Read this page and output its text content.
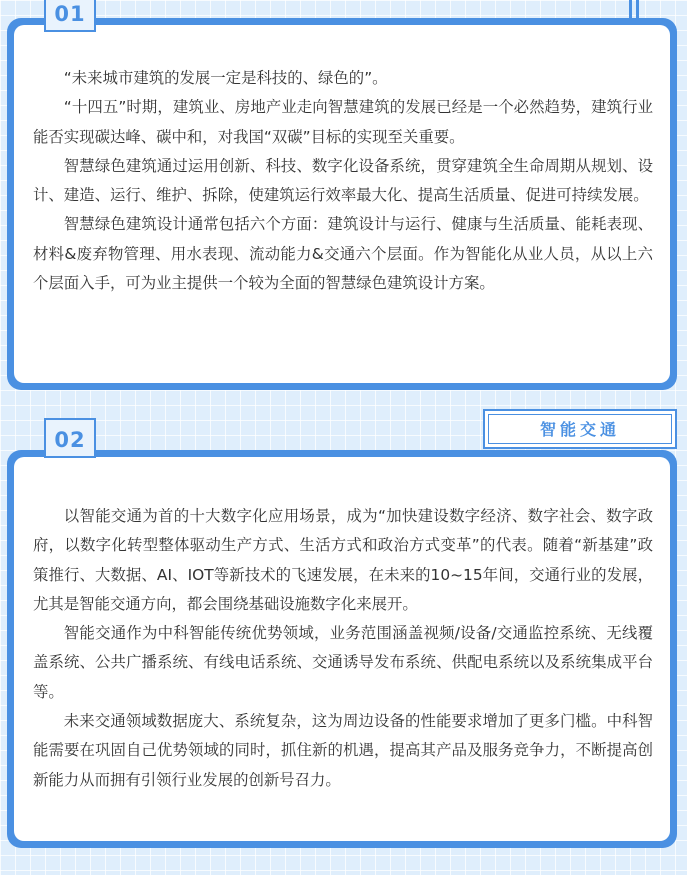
01

“未来城市建筑的发展一定是科技的、绿色的”。

“十四五”时期，建筑业、房地产业走向智慧建筑的发展已经是一个必然趋势，建筑行业能否实现碳达峰、碳中和，对我国“双碳”目标的实现至关重要。

智慧绿色建筑通过运用创新、科技、数字化设备系统，贯穿建筑全生命周期从规划、设计、建造、运行、维护、拆除，使建筑运行效率最大化、提高生活质量、促进可持续发展。

智慧绿色建筑设计通常包括六个方面：建筑设计与运行、健康与生活质量、能耗表现、材料&废弃物管理、用水表现、流动能力&交通六个层面。作为智能化从业人员，从以上六个层面入手，可为业主提供一个较为全面的智慧绿色建筑设计方案。

智能交通
02

以智能交通为首的十大数字化应用场景，成为“加快建设数字经济、数字社会、数字政府，以数字化转型整体驱动生产方式、生活方式和政治方式变革”的代表。随着“新基建”政策推行、大数据、AI、IOT等新技术的飞速发展，在未来的10~15年间，交通行业的发展，尤其是智能交通方向，都会围绕基础设施数字化来展开。

智能交通作为中科智能传统优势领域，业务范围涵盖视频/设备/交通监控系统、无线覆盖系统、公共广播系统、有线电话系统、交通诱导发布系统、供配电系统以及系统集成平台等。

未来交通领域数据庞大、系统复杂，这为周边设备的性能要求增加了更多门槛。中科智能需要在巩固自己优势领域的同时，抓住新的机遇，提高其产品及服务竞争力，不断提高创新能力从而拥有引领行业发展的创新号召力。
